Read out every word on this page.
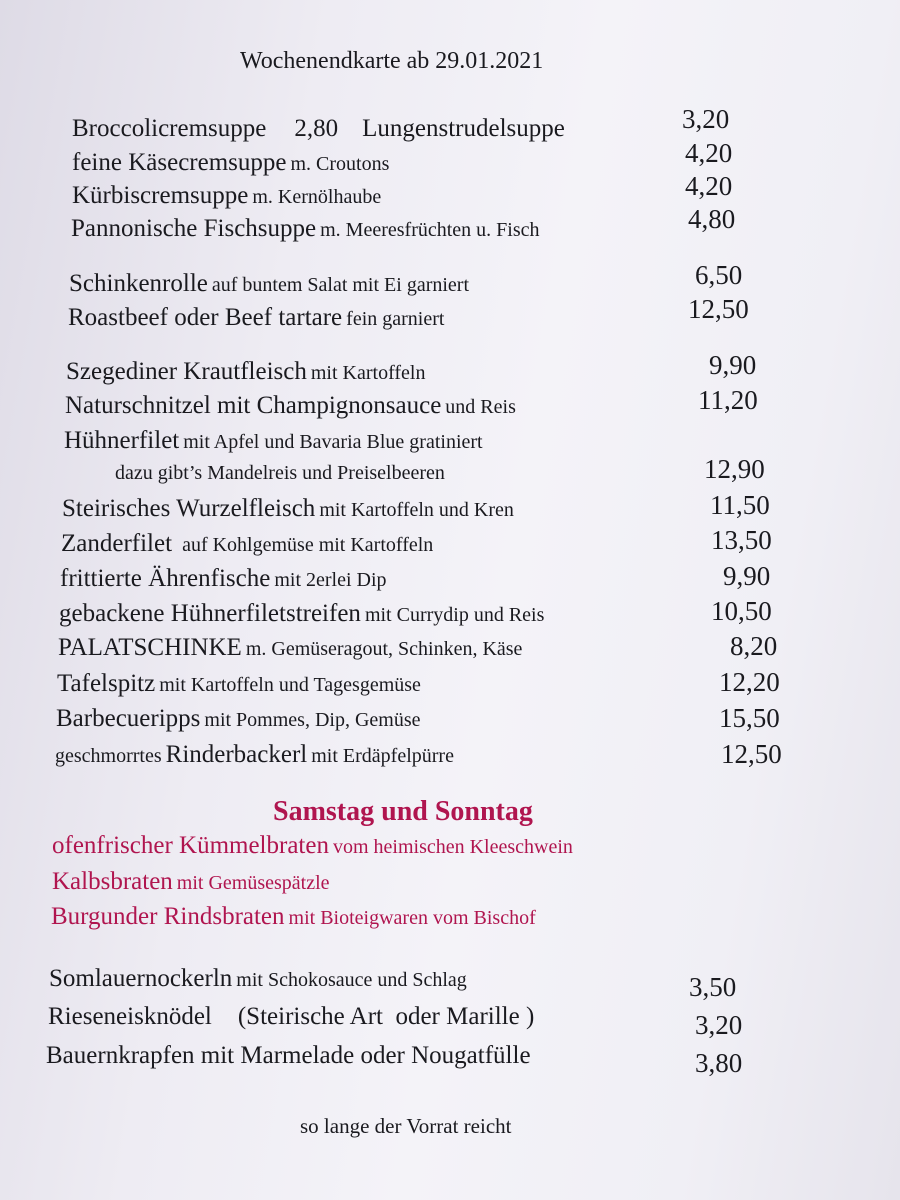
Wochenendkarte ab 29.01.2021
Broccolicremsuppe 2,80 Lungenstrudelsuppe	3,20
feine Käsecremsuppe m. Croutons	4,20
Kürbiscremsuppe m. Kernölhaube	4,20
Pannonische Fischsuppe m. Meeresfrüchten u. Fisch	4,80
Schinkenrolle auf buntem Salat mit Ei garniert	6,50
Roastbeef oder Beef tartare fein garniert	12,50
Szegediner Krautfleisch mit Kartoffeln	9,90
Naturschnitzel mit Champignonsauce und Reis	11,20
Hühnerfilet mit Apfel und Bavaria Blue gratiniert
dazu gibt’s Mandelreis und Preiselbeeren	12,90
Steirisches Wurzelfleisch mit Kartoffeln und Kren	11,50
Zanderfilet auf Kohlgemüse mit Kartoffeln	13,50
frittierte Ährenfische mit 2erlei Dip	9,90
gebackene Hühnerfiletstreifen mit Currydip und Reis	10,50
PALATSCHINKE m. Gemüseragout, Schinken, Käse	8,20
Tafelspitz mit Kartoffeln und Tagesgemüse	12,20
Barbecueripps mit Pommes, Dip, Gemüse	15,50
geschmorrtes Rinderbackerl mit Erdäpfelpürre	12,50
Samstag und Sonntag
ofenfrischer Kümmelbraten vom heimischen Kleeschwein
Kalbsbraten mit Gemüsespätzle
Burgunder Rindsbraten mit Bioteigwaren vom Bischof
Somlauernockerln mit Schokosauce und Schlag	3,50
Rieseneisknödel (Steirische Art  oder Marille )	3,20
Bauernkrapfen mit Marmelade oder Nougatfülle	3,80
so lange der Vorrat reicht
